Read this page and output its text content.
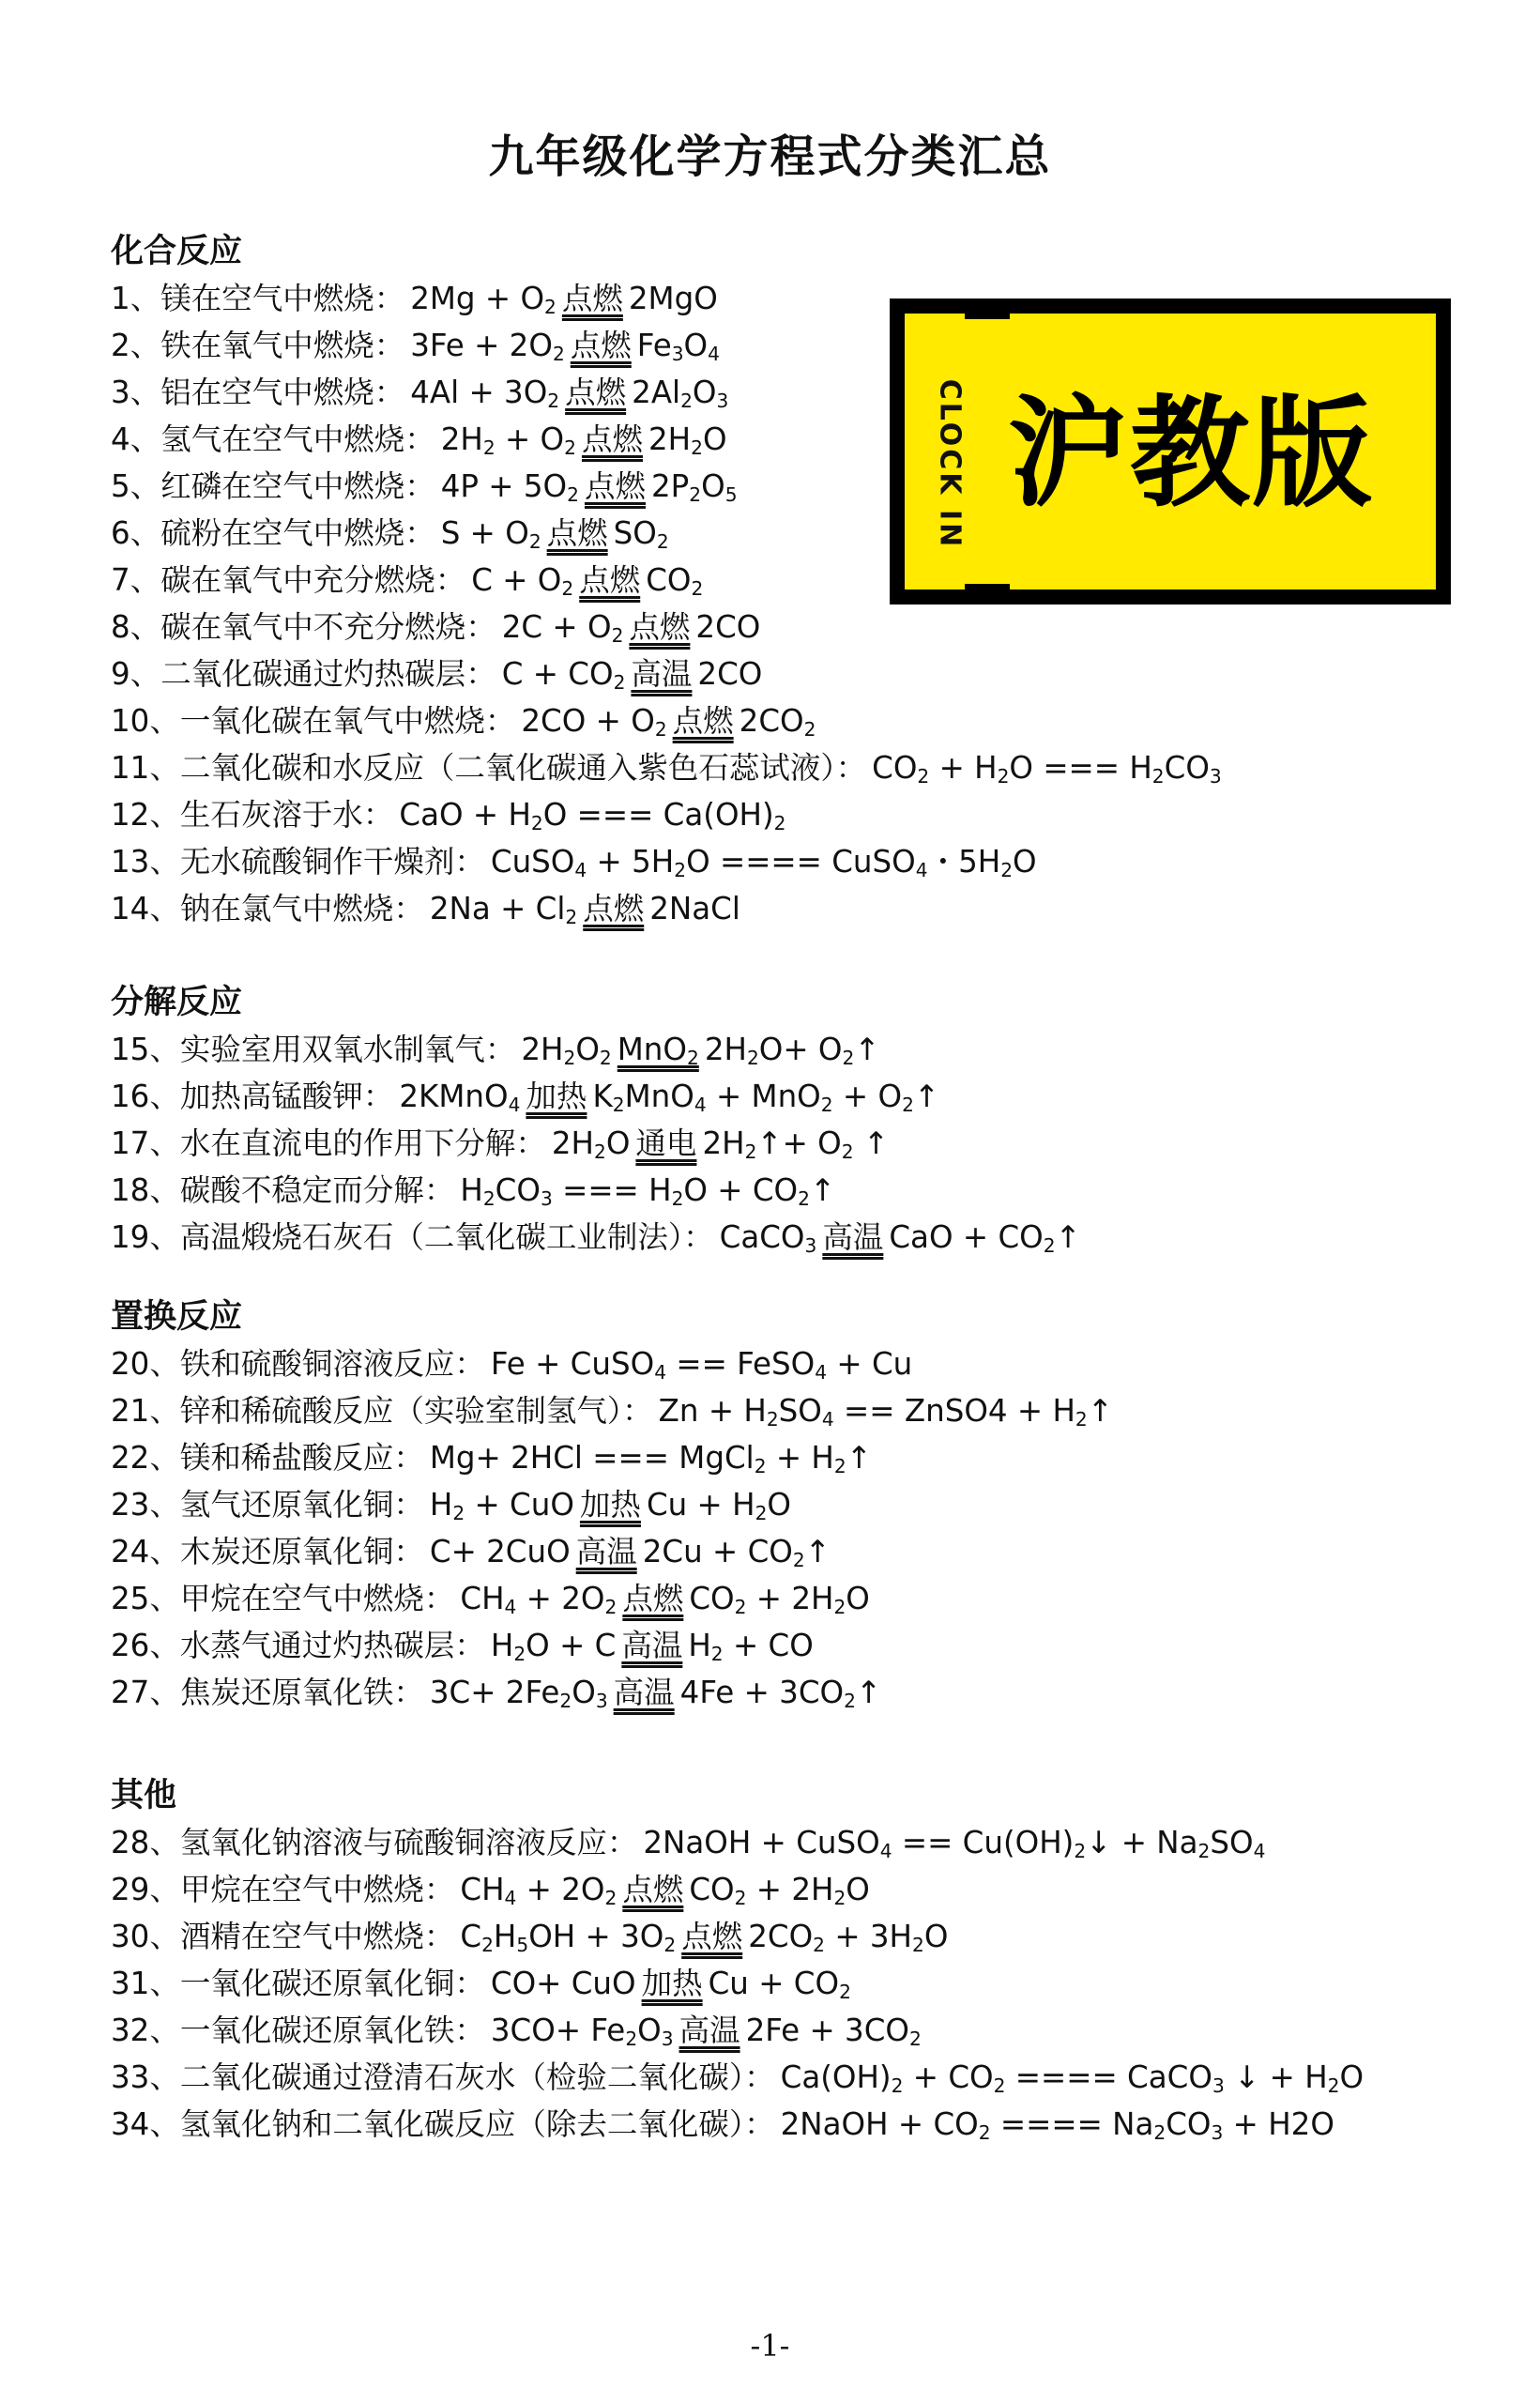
九年级化学方程式分类汇总
CLOCK IN 沪教版
化合反应
1、镁在空气中燃烧： $2Mg + O_2$ 点燃 2MgO
2、铁在氧气中燃烧： $3Fe + 2O_2$ 点燃 $Fe_3O_4$
3、铝在空气中燃烧： $4Al + 3O_2$ 点燃 $2Al_2O_3$
4、氢气在空气中燃烧： $2H_2 + O_2$ 点燃 $2H_2O$
5、红磷在空气中燃烧： $4P + 5O_2$ 点燃 $2P_2O_5$
6、硫粉在空气中燃烧： $S + O_2$ 点燃 $SO_2$
7、碳在氧气中充分燃烧： $C + O_2$ 点燃 $CO_2$
8、碳在氧气中不充分燃烧： $2C + O_2$ 点燃 2CO
9、二氧化碳通过灼热碳层： $C + CO_2$ 高温 2CO
10、一氧化碳在氧气中燃烧： $2CO + O_2$ 点燃 $2CO_2$
11、二氧化碳和水反应（二氧化碳通入紫色石蕊试液）： $CO_2 + H_2O$ === $H_2CO_3$
12、生石灰溶于水： CaO + $H_2O$ === $Ca(OH)_2$
13、无水硫酸铜作干燥剂： CuSO$_4$ + $5H_2O$ ==== CuSO$_4$・$5H_2O$
14、钠在氯气中燃烧： $2Na + Cl_2$ 点燃 2NaCl
分解反应
15、实验室用双氧水制氧气： $2H_2O_2$ MnO$_2$ $2H_2O+$ $O_2↑$
16、加热高锰酸钾： 2KMnO$_4$ 加热 $K_2MnO_4 + MnO_2$ + $O_2↑$
17、水在直流电的作用下分解： $2H_2O$ 通电 $2H_2↑+ O_2$ ↑
18、碳酸不稳定而分解： $H_2CO_3$ === $H_2O$ + $CO_2↑$
19、高温煅烧石灰石（二氧化碳工业制法）： CaCO$_3$ 高温 CaO + $CO_2↑$
置换反应
20、铁和硫酸铜溶液反应： Fe + CuSO$_4$ == FeSO$_4$ + Cu
21、锌和稀硫酸反应（实验室制氢气）： $Zn + H_2SO_4$ == ZnSO4 + $H_2↑$
22、镁和稀盐酸反应： Mg+ 2HCl === MgCl$_2$ + $H_2↑$
23、氢气还原氧化铜： $H_2$ + CuO 加热 $Cu + H_2O$
24、木炭还原氧化铜： C+ 2CuO 高温 $2Cu + CO_2↑$
25、甲烷在空气中燃烧： $CH_4 + 2O_2$ 点燃 $CO_2 + 2H_2O$
26、水蒸气通过灼热碳层： $H_2O + C$ 高温 $H_2$ + CO
27、焦炭还原氧化铁： $3C+ 2Fe_2O_3$ 高温 $4Fe + 3CO_2↑$
其他
28、氢氧化钠溶液与硫酸铜溶液反应： 2NaOH + CuSO$_4$ == $Cu(OH)_2↓ + Na_2SO_4$
29、甲烷在空气中燃烧： $CH_4 + 2O_2$ 点燃 $CO_2 + 2H_2O$
30、酒精在空气中燃烧： $C_2H_5OH + 3O_2$ 点燃 $2CO_2 + 3H_2O$
31、一氧化碳还原氧化铜： CO+ CuO 加热 $Cu + CO_2$
32、一氧化碳还原氧化铁： $3CO+ Fe_2O_3$ 高温 $2Fe + 3CO_2$
33、二氧化碳通过澄清石灰水（检验二氧化碳）： $Ca(OH)_2 + CO_2$ ==== CaCO$_3$ ↓ + $H_2O$
34、氢氧化钠和二氧化碳反应（除去二氧化碳）： 2NaOH + $CO_2$ ==== $Na_2CO_3 + H2O$
-1-
